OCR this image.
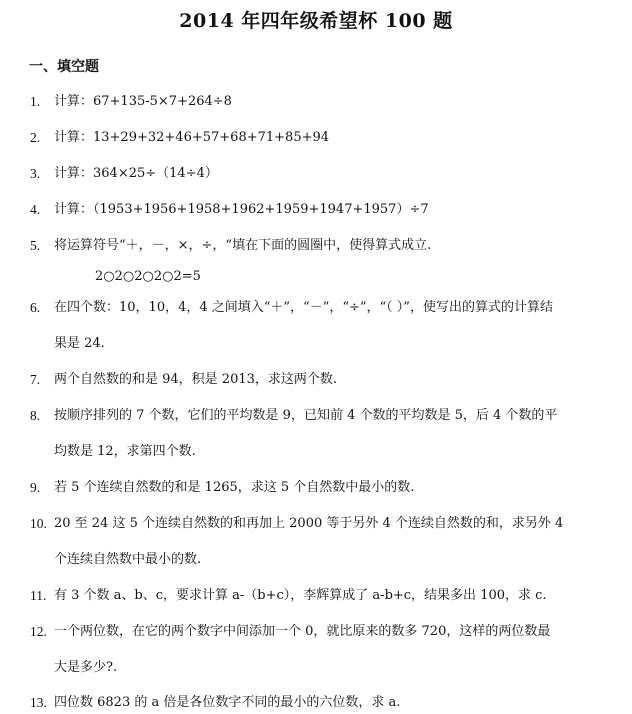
2014 年四年级希望杯 100 题
一、填空题
1.	计算：67+135-5×7+264÷8
2.	计算：13+29+32+46+57+68+71+85+94
3.	计算：364×25÷（14÷4）
4.	计算：（1953+1956+1958+1962+1959+1947+1957）÷7
5.	将运算符号“＋，－，×，÷，“填在下面的圆圈中，使得算式成立.
2○2○2○2○2=5
6.	在四个数：10，10，4，4 之间填入“＋”，“－”，“÷”，“（ ）”，使写出的算式的计算结
果是 24.
7.	两个自然数的和是 94，积是 2013，求这两个数.
8.	按顺序排列的 7 个数，它们的平均数是 9，已知前 4 个数的平均数是 5，后 4 个数的平
均数是 12，求第四个数.
9.	若 5 个连续自然数的和是 1265，求这 5 个自然数中最小的数.
10. 20 至 24 这 5 个连续自然数的和再加上 2000 等于另外 4 个连续自然数的和，求另外 4
个连续自然数中最小的数.
11. 有 3 个数 a、b、c，要求计算 a-（b+c），李辉算成了 a-b+c，结果多出 100，求 c.
12. 一个两位数，在它的两个数字中间添加一个 0，就比原来的数多 720，这样的两位数最
大是多少?.
13. 四位数 6823 的 a 倍是各位数字不同的最小的六位数，求 a.
